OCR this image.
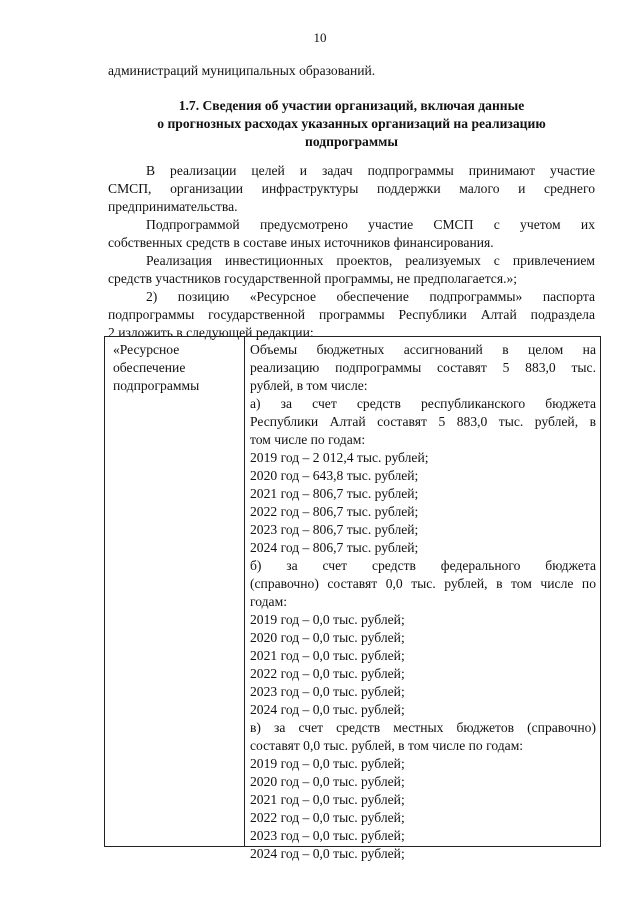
10
администраций муниципальных образований.
1.7. Сведения об участии организаций, включая данные
о прогнозных расходах указанных организаций на реализацию
подпрограммы
В реализации целей и задач подпрограммы принимают участие
СМСП, организации инфраструктуры поддержки малого и среднего
предпринимательства.
Подпрограммой предусмотрено участие СМСП с учетом их
собственных средств в составе иных источников финансирования.
Реализация инвестиционных проектов, реализуемых с привлечением
средств участников государственной программы, не предполагается.»;
2) позицию «Ресурсное обеспечение подпрограммы» паспорта
подпрограммы государственной программы Республики Алтай подраздела
2 изложить в следующей редакции:
«Ресурсное
обеспечение
подпрограммы
Объемы бюджетных ассигнований в целом на
реализацию подпрограммы составят 5 883,0 тыс.
рублей, в том числе:
а) за счет средств республиканского бюджета
Республики Алтай составят 5 883,0 тыс. рублей, в
том числе по годам:
2019 год – 2 012,4 тыс. рублей;
2020 год – 643,8 тыс. рублей;
2021 год – 806,7 тыс. рублей;
2022 год – 806,7 тыс. рублей;
2023 год – 806,7 тыс. рублей;
2024 год – 806,7 тыс. рублей;
б) за счет средств федерального бюджета
(справочно) составят 0,0 тыс. рублей, в том числе по
годам:
2019 год – 0,0 тыс. рублей;
2020 год – 0,0 тыс. рублей;
2021 год – 0,0 тыс. рублей;
2022 год – 0,0 тыс. рублей;
2023 год – 0,0 тыс. рублей;
2024 год – 0,0 тыс. рублей;
в) за счет средств местных бюджетов (справочно)
составят 0,0 тыс. рублей, в том числе по годам:
2019 год – 0,0 тыс. рублей;
2020 год – 0,0 тыс. рублей;
2021 год – 0,0 тыс. рублей;
2022 год – 0,0 тыс. рублей;
2023 год – 0,0 тыс. рублей;
2024 год – 0,0 тыс. рублей;
